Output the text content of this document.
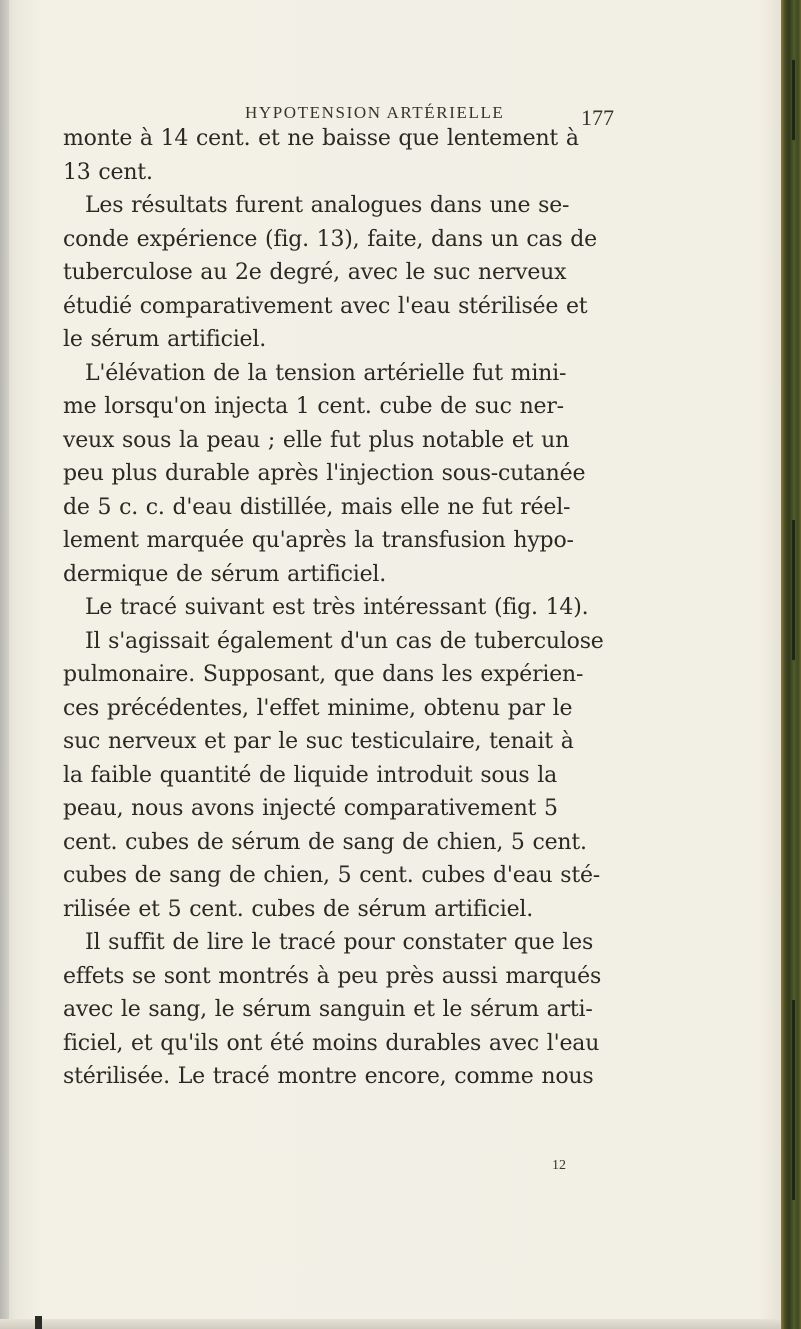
HYPOTENSION ARTÉRIELLE	177
monte à 14 cent. et ne baisse que lentement à
13 cent.
Les résultats furent analogues dans une se-
conde expérience (fig. 13), faite, dans un cas de
tuberculose au 2e degré, avec le suc nerveux
étudié comparativement avec l'eau stérilisée et
le sérum artificiel.
L'élévation de la tension artérielle fut mini-
me lorsqu'on injecta 1 cent. cube de suc ner-
veux sous la peau ; elle fut plus notable et un
peu plus durable après l'injection sous-cutanée
de 5 c. c. d'eau distillée, mais elle ne fut réel-
lement marquée qu'après la transfusion hypo-
dermique de sérum artificiel.
Le tracé suivant est très intéressant (fig. 14).
Il s'agissait également d'un cas de tuberculose
pulmonaire. Supposant, que dans les expérien-
ces précédentes, l'effet minime, obtenu par le
suc nerveux et par le suc testiculaire, tenait à
la faible quantité de liquide introduit sous la
peau, nous avons injecté comparativement 5
cent. cubes de sérum de sang de chien, 5 cent.
cubes de sang de chien, 5 cent. cubes d'eau sté-
rilisée et 5 cent. cubes de sérum artificiel.
Il suffit de lire le tracé pour constater que les
effets se sont montrés à peu près aussi marqués
avec le sang, le sérum sanguin et le sérum arti-
ficiel, et qu'ils ont été moins durables avec l'eau
stérilisée. Le tracé montre encore, comme nous
12
